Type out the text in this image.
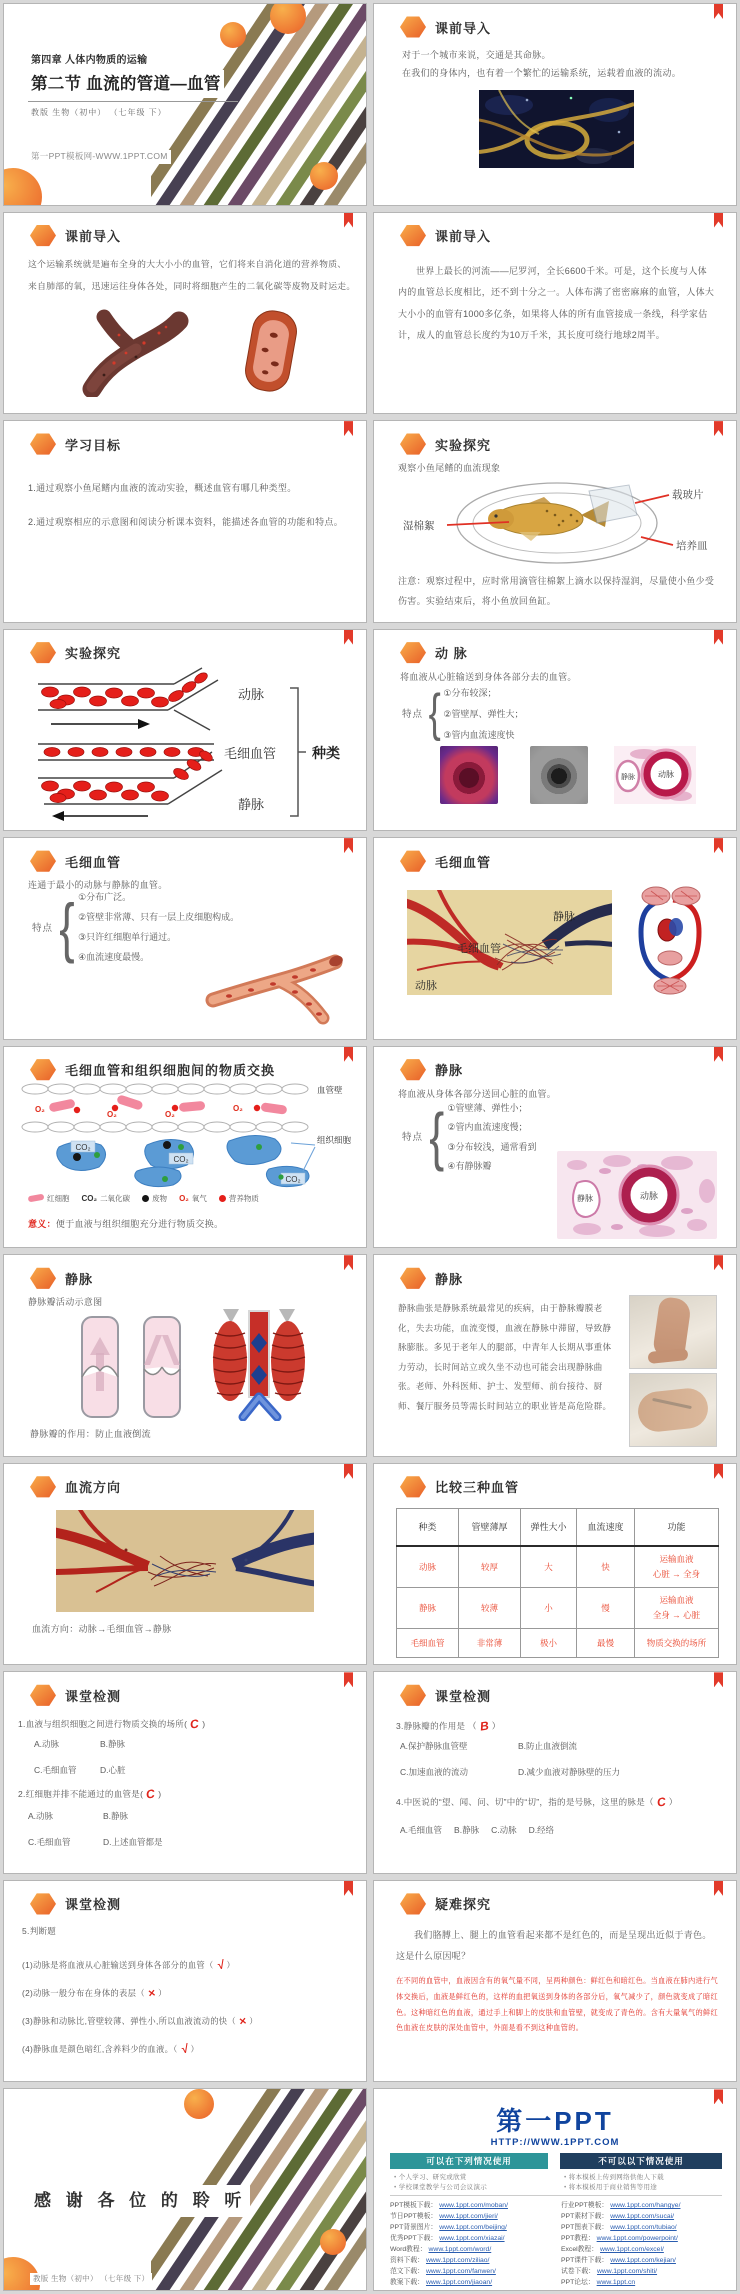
第四章 人体内物质的运输
第二节 血流的管道—血管
教版 生物（初中） （七年级 下）
第一PPT模板网-WWW.1PPT.COM
课前导入
对于一个城市来说，交通是其命脉。
在我们的身体内，也有着一个繁忙的运输系统，运载着血液的流动。
课前导入
这个运输系统就是遍布全身的大大小小的血管，它们将来自消化道的营养物质、
来自肺部的氧，迅速运往身体各处，同时将细胞产生的二氧化碳等废物及时运走。
课前导入
世界上最长的河流——尼罗河，全长6600千米。可是，这个长度与人体内的血管总长度相比，还不到十分之一。人体布满了密密麻麻的血管，人体大大小小的血管有1000多亿条，如果将人体的所有血管接成一条线，科学家估计，成人的血管总长度约为10万千米，其长度可绕行地球2周半。
学习目标
1.通过观察小鱼尾鳍内血液的流动实验，概述血管有哪几种类型。
2.通过观察相应的示意图和阅读分析课本资料，能描述各血管的功能和特点。
实验探究
观察小鱼尾鳍的血流现象
湿棉絮
载玻片
培养皿
注意：观察过程中，应时常用滴管往棉絮上滴水以保持湿润，尽量使小鱼少受伤害。实验结束后，将小鱼放回鱼缸。
实验探究
动脉
毛细血管
静脉
种类
动 脉
将血液从心脏输送到身体各部分去的血管。
特点 { ①分布较深；
②管壁厚、弹性大；
③管内血流速度快
静脉	动脉
毛细血管
连通于最小的动脉与静脉的血管。
特点 { ①分布广泛。
②管壁非常薄、只有一层上皮细胞构成。
③只许红细胞单行通过。
④血流速度最慢。
毛细血管
动脉
毛细血管
静脉
毛细血管和组织细胞间的物质交换
O₂
O₂	O₂
O₂
CO₂
CO₂
CO₂
血管壁
组织细胞
红细胞 CO₂ 二氧化碳	废物 O₂ 氧气	营养物质
意义：便于血液与组织细胞充分进行物质交换。
静脉
将血液从身体各部分送回心脏的血管。
特点 { ①管壁薄、弹性小；
②管内血流速度慢；
③分布较浅，通常看到
④有静脉瓣
静脉	动脉
静脉
静脉瓣活动示意图
静脉瓣的作用：防止血液倒流
静脉
静脉曲张是静脉系统最常见的疾病，由于静脉瓣膜老化，失去功能，血流变慢，血液在静脉中滞留，导致静脉膨胀。多见于老年人的腿部，中青年人长期从事重体力劳动，长时间站立或久坐不动也可能会出现静脉曲张。老师、外科医师、护士、发型师、前台接待、厨师、餐厅服务员等需长时间站立的职业皆是高危险群。
血流方向
血流方向：动脉→毛细血管→静脉
比较三种血管
种类	管壁薄厚	弹性大小	血流速度	功能
动脉	较厚	大	快	运输血液
心脏 → 全身
静脉	较薄	小	慢	运输血液
全身 → 心脏
毛细血管	非常薄	极小	最慢	物质交换的场所
课堂检测
1.血液与组织细胞之间进行物质交换的场所( C )
A.动脉	B.静脉
C.毛细血管	D.心脏
2.红细胞并排不能通过的血管是( C )
A.动脉	B.静脉
C.毛细血管	D.上述血管都是
课堂检测
3.静脉瓣的作用是 （ B ）
A.保护静脉血管壁	B.防止血液倒流
C.加速血液的流动	D.减少血液对静脉壁的压力
4.中医说的“望、闻、问、切”中的“切”，指的是号脉，这里的脉是（ C ）
A.毛细血管 B.静脉 C.动脉 D.经络
课堂检测
5.判断题
(1)动脉是将血液从心脏输送到身体各部分的血管（ √ ）
(2)动脉一般分布在身体的表层（ × ）
(3)静脉和动脉比,管壁较薄、弹性小,所以血液流动的快（ × ）
(4)静脉血是颜色暗红,含养料少的血液。（ √ ）
疑难探究
我们胳膊上、腿上的血管看起来都不是红色的，而是呈现出近似于青色。这是什么原因呢？
在不同的血管中，血液因含有的氧气量不同，呈两种颜色：鲜红色和暗红色。当血液在肺内进行气体交换后，血液是鲜红色的，这样的血把氧送到身体的各部分后，氧气减少了，颜色就变成了暗红色。这种暗红色的血液，通过手上和脚上的皮肤和血管壁，就变成了青色的。含有大量氧气的鲜红色血液在皮肤的深处血管中，外面是看不到这种血管的。
感 谢 各 位 的 聆 听
教版 生物（初中） （七年级 下）
第一PPT
HTTP://WWW.1PPT.COM
可以在下列情况使用	不可以以下情况使用
• 个人学习、研究或欣赏
• 学校课堂教学与公司会议演示
• 将本模板上传到网络供他人下载
• 将本模板用于商业销售等用途
PPT模板下载： www.1ppt.com/moban/	行业PPT模板： www.1ppt.com/hangye/
节日PPT模板： www.1ppt.com/jieri/	PPT素材下载： www.1ppt.com/sucai/
PPT背景图片： www.1ppt.com/beijing/	PPT图表下载： www.1ppt.com/tubiao/
优秀PPT下载： www.1ppt.com/xiazai/	PPT教程： www.1ppt.com/powerpoint/
Word教程： www.1ppt.com/word/	Excel教程： www.1ppt.com/excel/
资料下载： www.1ppt.com/ziliao/	PPT课件下载： www.1ppt.com/kejian/
范文下载： www.1ppt.com/fanwen/	试卷下载： www.1ppt.com/shiti/
教案下载： www.1ppt.com/jiaoan/	PPT论坛： www.1ppt.cn
